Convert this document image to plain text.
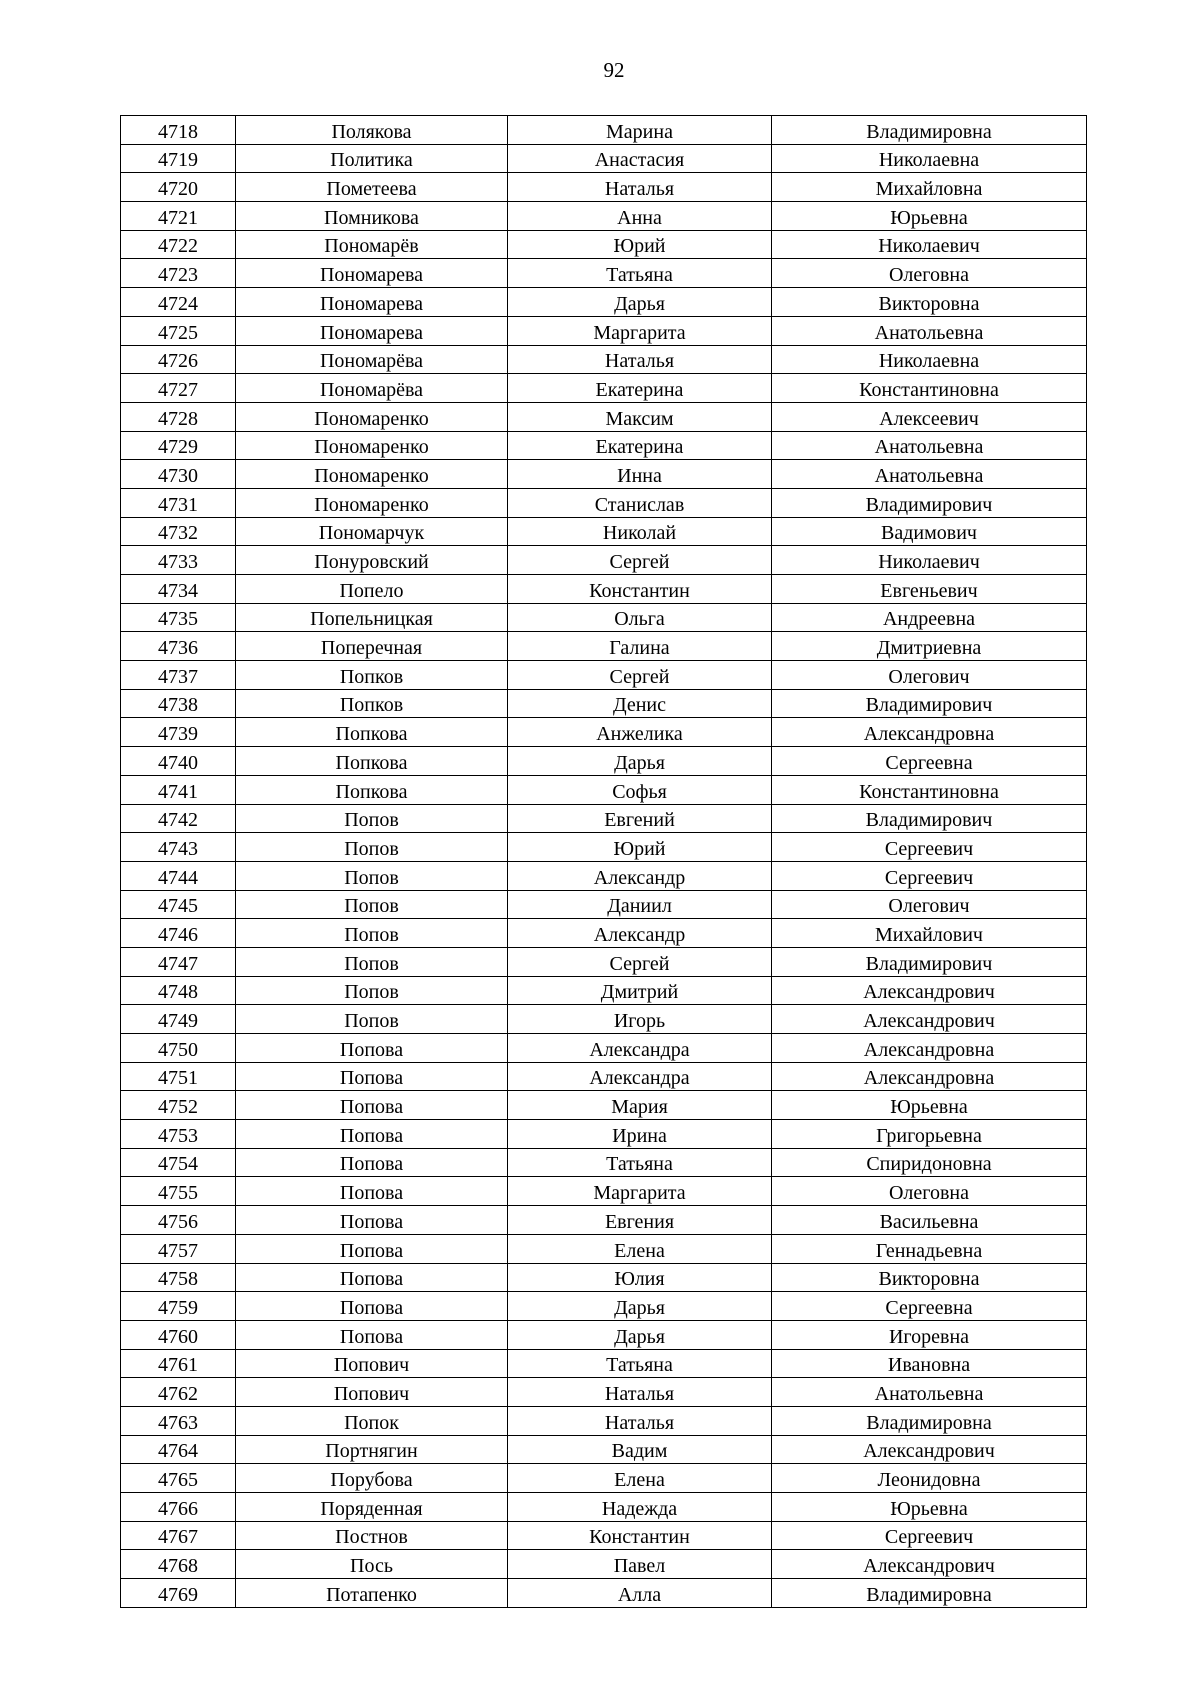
92
4718	Полякова	Марина	Владимировна
4719	Политика	Анастасия	Николаевна
4720	Пометеева	Наталья	Михайловна
4721	Помникова	Анна	Юрьевна
4722	Пономарёв	Юрий	Николаевич
4723	Пономарева	Татьяна	Олеговна
4724	Пономарева	Дарья	Викторовна
4725	Пономарева	Маргарита	Анатольевна
4726	Пономарёва	Наталья	Николаевна
4727	Пономарёва	Екатерина	Константиновна
4728	Пономаренко	Максим	Алексеевич
4729	Пономаренко	Екатерина	Анатольевна
4730	Пономаренко	Инна	Анатольевна
4731	Пономаренко	Станислав	Владимирович
4732	Пономарчук	Николай	Вадимович
4733	Понуровский	Сергей	Николаевич
4734	Попело	Константин	Евгеньевич
4735	Попельницкая	Ольга	Андреевна
4736	Поперечная	Галина	Дмитриевна
4737	Попков	Сергей	Олегович
4738	Попков	Денис	Владимирович
4739	Попкова	Анжелика	Александровна
4740	Попкова	Дарья	Сергеевна
4741	Попкова	Софья	Константиновна
4742	Попов	Евгений	Владимирович
4743	Попов	Юрий	Сергеевич
4744	Попов	Александр	Сергеевич
4745	Попов	Даниил	Олегович
4746	Попов	Александр	Михайлович
4747	Попов	Сергей	Владимирович
4748	Попов	Дмитрий	Александрович
4749	Попов	Игорь	Александрович
4750	Попова	Александра	Александровна
4751	Попова	Александра	Александровна
4752	Попова	Мария	Юрьевна
4753	Попова	Ирина	Григорьевна
4754	Попова	Татьяна	Спиридоновна
4755	Попова	Маргарита	Олеговна
4756	Попова	Евгения	Васильевна
4757	Попова	Елена	Геннадьевна
4758	Попова	Юлия	Викторовна
4759	Попова	Дарья	Сергеевна
4760	Попова	Дарья	Игоревна
4761	Попович	Татьяна	Ивановна
4762	Попович	Наталья	Анатольевна
4763	Попок	Наталья	Владимировна
4764	Портнягин	Вадим	Александрович
4765	Порубова	Елена	Леонидовна
4766	Поряденная	Надежда	Юрьевна
4767	Постнов	Константин	Сергеевич
4768	Пось	Павел	Александрович
4769	Потапенко	Алла	Владимировна
